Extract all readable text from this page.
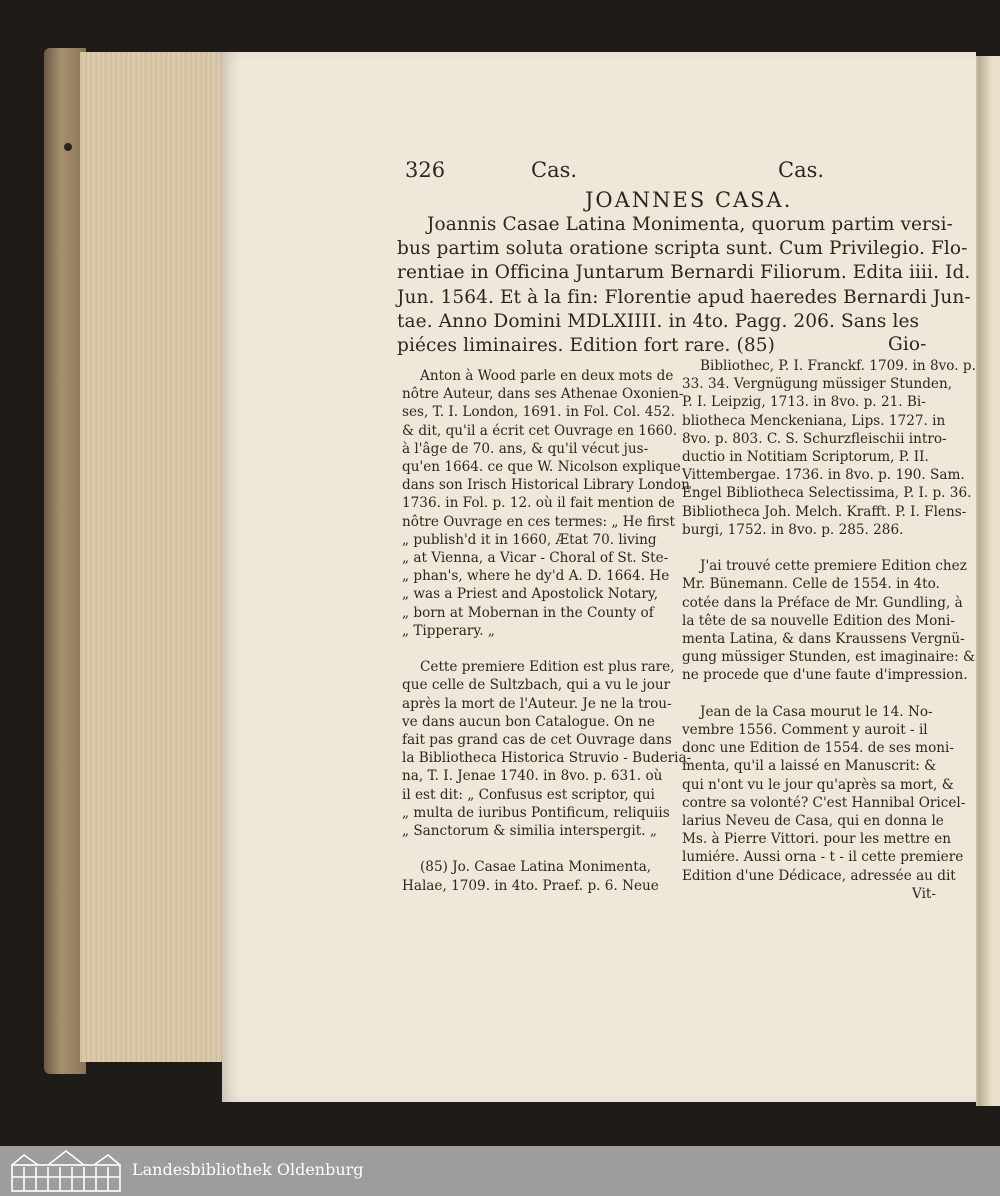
326	Cas.	Cas.
JOANNES CASA.
Joannis Casae Latina Monimenta, quorum partim versi-
bus partim soluta oratione scripta sunt. Cum Privilegio. Flo-
rentiae in Officina Juntarum Bernardi Filiorum. Edita iiii. Id.
Jun. 1564. Et à la fin: Florentie apud haeredes Bernardi Jun-
tae. Anno Domini MDLXIIII. in 4to. Pagg. 206. Sans les
piéces liminaires. Edition fort rare. (85)	Gio-
Anton à Wood parle en deux mots de
nôtre Auteur, dans ses Athenae Oxonien-
ses, T. I. London, 1691. in Fol. Col. 452.
& dit, qu'il a écrit cet Ouvrage en 1660.
à l'âge de 70. ans, & qu'il vécut jus-
qu'en 1664. ce que W. Nicolson explique
dans son Irisch Historical Library London
1736. in Fol. p. 12. où il fait mention de
nôtre Ouvrage en ces termes: „ He first
„ publish'd it in 1660, Ætat 70. living
„ at Vienna, a Vicar - Choral of St. Ste-
„ phan's, where he dy'd A. D. 1664. He
„ was a Priest and Apostolick Notary,
„ born at Mobernan in the County of
„ Tipperary. „
Cette premiere Edition est plus rare,
que celle de Sultzbach, qui a vu le jour
après la mort de l'Auteur. Je ne la trou-
ve dans aucun bon Catalogue. On ne
fait pas grand cas de cet Ouvrage dans
la Bibliotheca Historica Struvio - Buderia-
na, T. I. Jenae 1740. in 8vo. p. 631. où
il est dit: „ Confusus est scriptor, qui
„ multa de iuribus Pontificum, reliquiis
„ Sanctorum & similia interspergit. „
(85) Jo. Casae Latina Monimenta,
Halae, 1709. in 4to. Praef. p. 6. Neue
Bibliothec, P. I. Franckf. 1709. in 8vo. p.
33. 34. Vergnügung müssiger Stunden,
P. I. Leipzig, 1713. in 8vo. p. 21. Bi-
bliotheca Menckeniana, Lips. 1727. in
8vo. p. 803. C. S. Schurzfleischii intro-
ductio in Notitiam Scriptorum, P. II.
Vittembergae. 1736. in 8vo. p. 190. Sam.
Engel Bibliotheca Selectissima, P. I. p. 36.
Bibliotheca Joh. Melch. Krafft. P. I. Flens-
burgi, 1752. in 8vo. p. 285. 286.
J'ai trouvé cette premiere Edition chez
Mr. Bünemann. Celle de 1554. in 4to.
cotée dans la Préface de Mr. Gundling, à
la tête de sa nouvelle Edition des Moni-
menta Latina, & dans Kraussens Vergnü-
gung müssiger Stunden, est imaginaire: &
ne procede que d'une faute d'impression.
Jean de la Casa mourut le 14. No-
vembre 1556. Comment y auroit - il
donc une Edition de 1554. de ses moni-
menta, qu'il a laissé en Manuscrit: &
qui n'ont vu le jour qu'après sa mort, &
contre sa volonté? C'est Hannibal Oricel-
larius Neveu de Casa, qui en donna le
Ms. à Pierre Vittori. pour les mettre en
lumiére. Aussi orna - t - il cette premiere
Edition d'une Dédicace, adressée au dit
Vit-
Landesbibliothek Oldenburg
